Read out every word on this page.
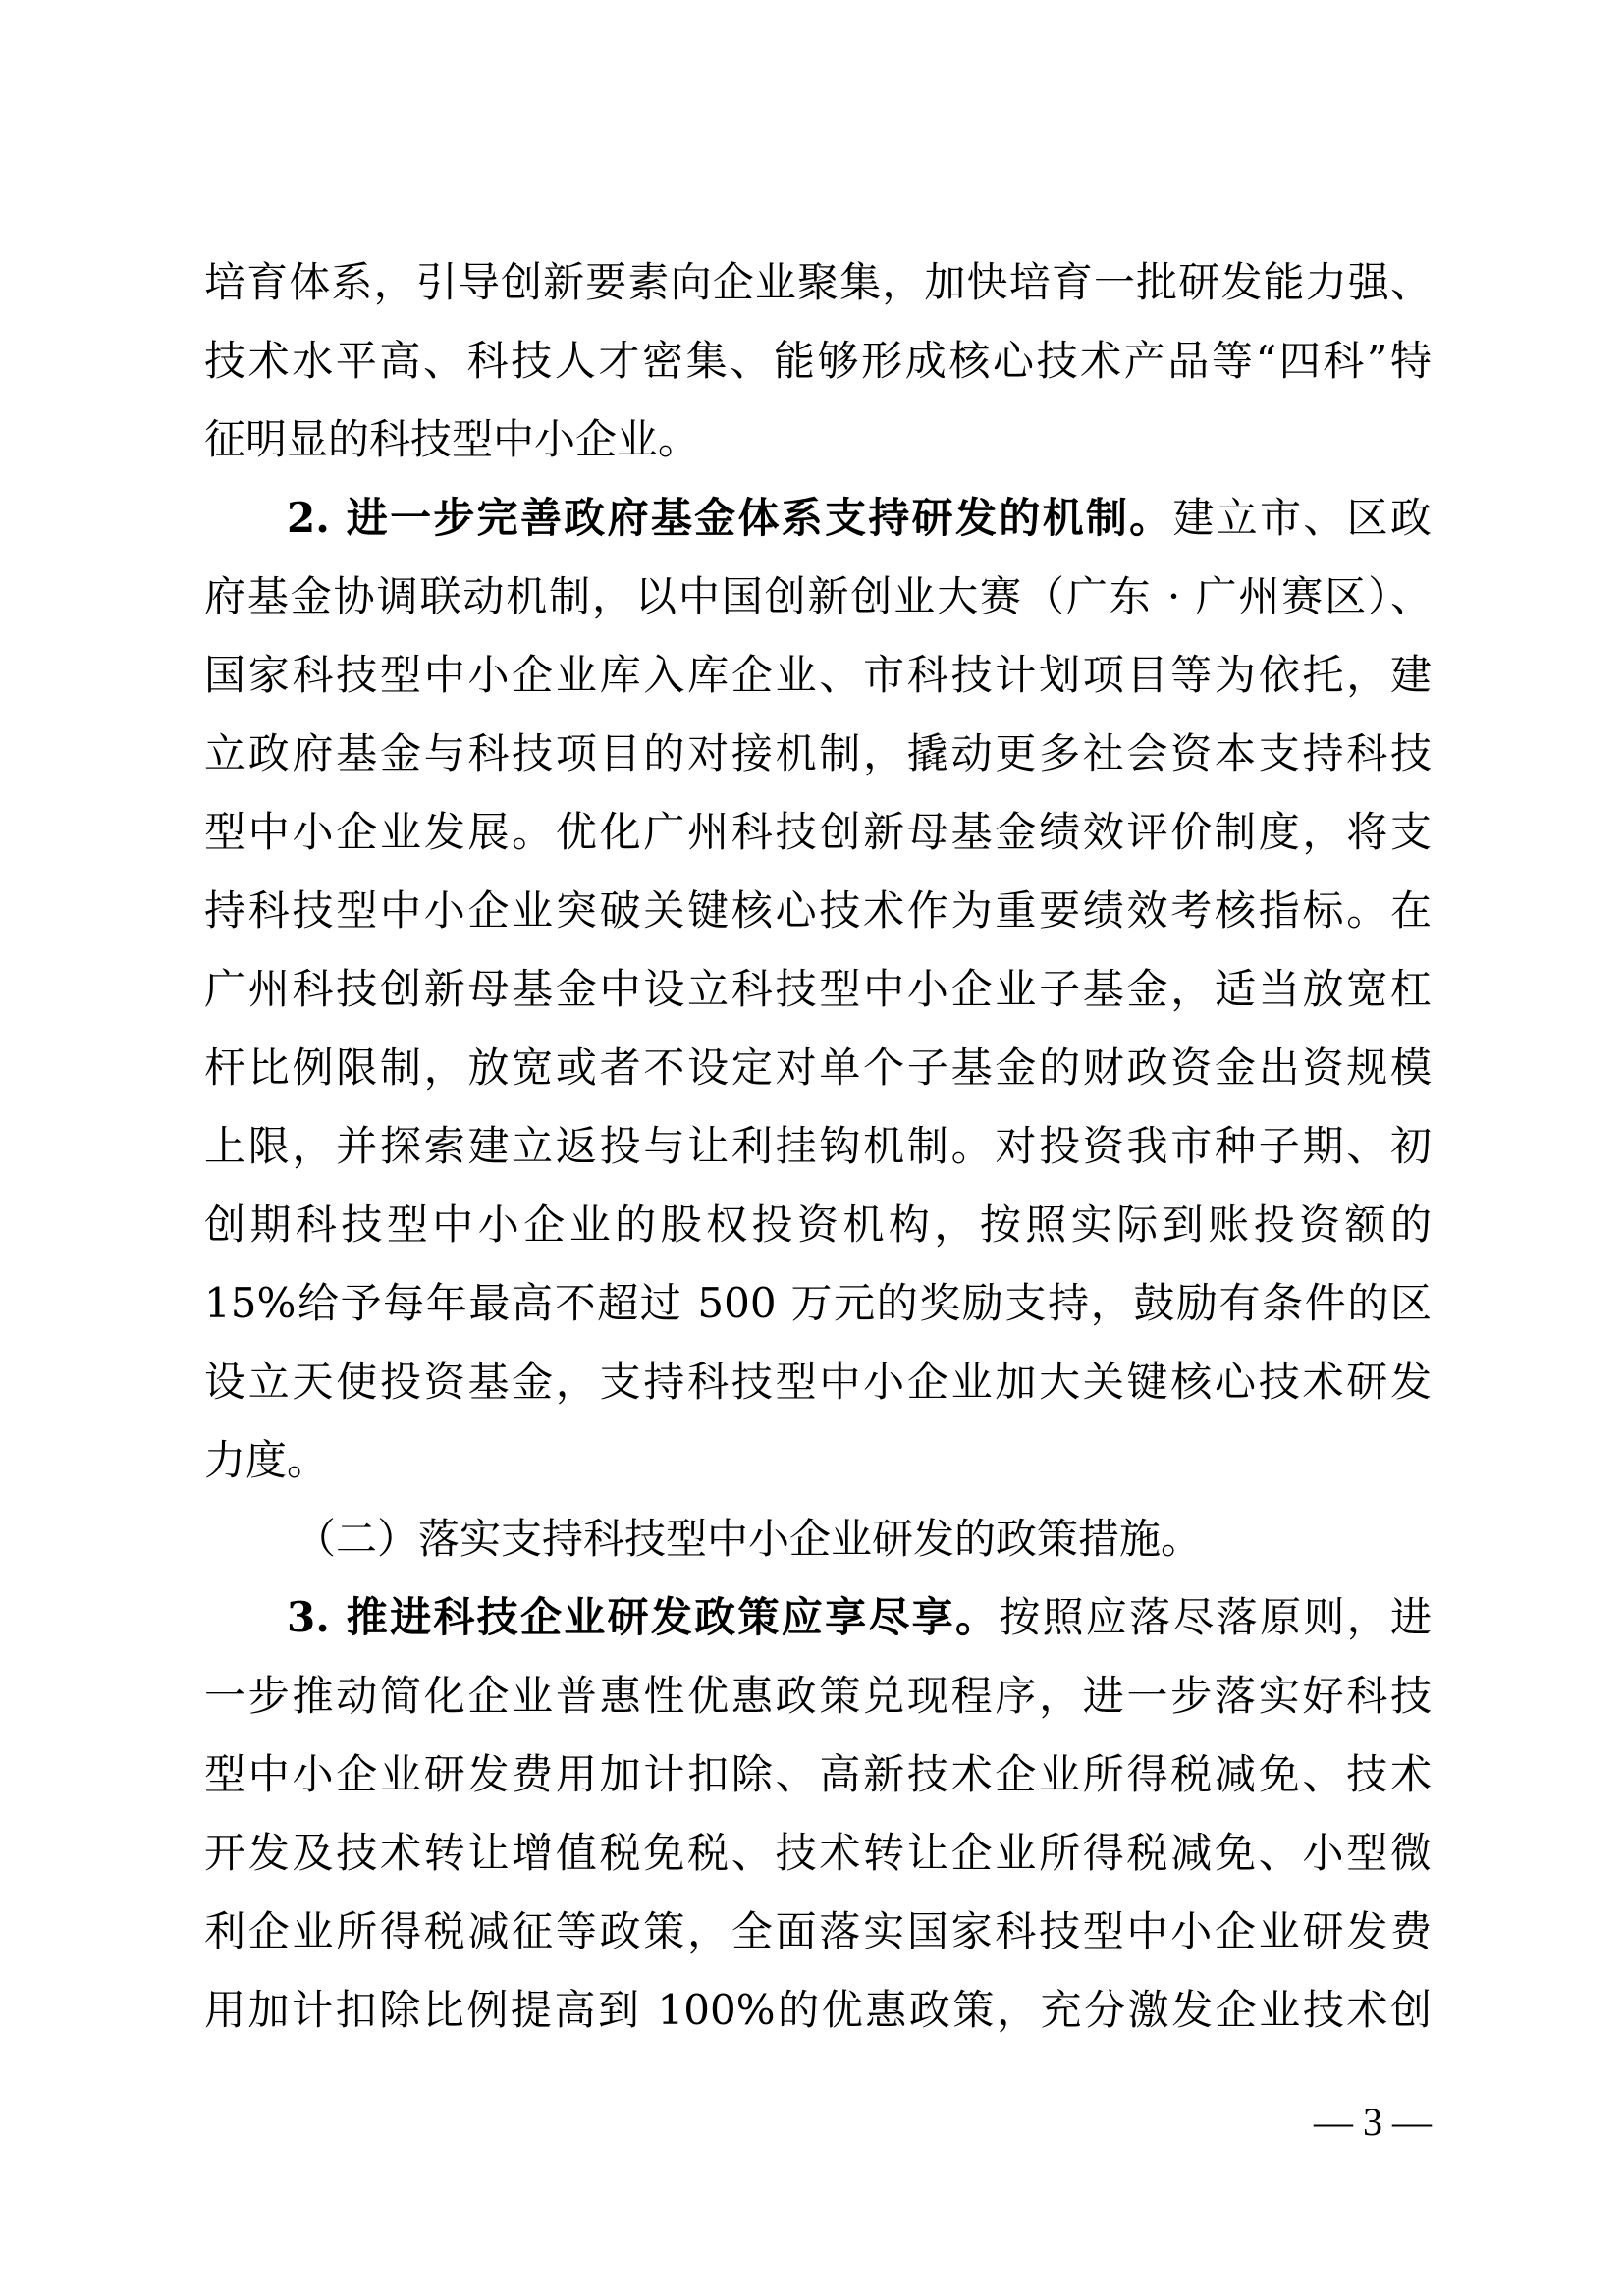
培育体系，引导创新要素向企业聚集，加快培育一批研发能力强、
技术水平高、科技人才密集、能够形成核心技术产品等“四科”特
征明显的科技型中小企业。
2. 进一步完善政府基金体系支持研发的机制。建立市、区政
府基金协调联动机制，以中国创新创业大赛（广东 · 广州赛区）、
国家科技型中小企业库入库企业、市科技计划项目等为依托，建
立政府基金与科技项目的对接机制，撬动更多社会资本支持科技
型中小企业发展。优化广州科技创新母基金绩效评价制度，将支
持科技型中小企业突破关键核心技术作为重要绩效考核指标。在
广州科技创新母基金中设立科技型中小企业子基金，适当放宽杠
杆比例限制，放宽或者不设定对单个子基金的财政资金出资规模
上限，并探索建立返投与让利挂钩机制。对投资我市种子期、初
创期科技型中小企业的股权投资机构，按照实际到账投资额的
15%给予每年最高不超过 500 万元的奖励支持，鼓励有条件的区
设立天使投资基金，支持科技型中小企业加大关键核心技术研发
力度。
（二）落实支持科技型中小企业研发的政策措施。
3. 推进科技企业研发政策应享尽享。按照应落尽落原则，进
一步推动简化企业普惠性优惠政策兑现程序，进一步落实好科技
型中小企业研发费用加计扣除、高新技术企业所得税减免、技术
开发及技术转让增值税免税、技术转让企业所得税减免、小型微
利企业所得税减征等政策，全面落实国家科技型中小企业研发费
用加计扣除比例提高到 100%的优惠政策，充分激发企业技术创
— 3 —
